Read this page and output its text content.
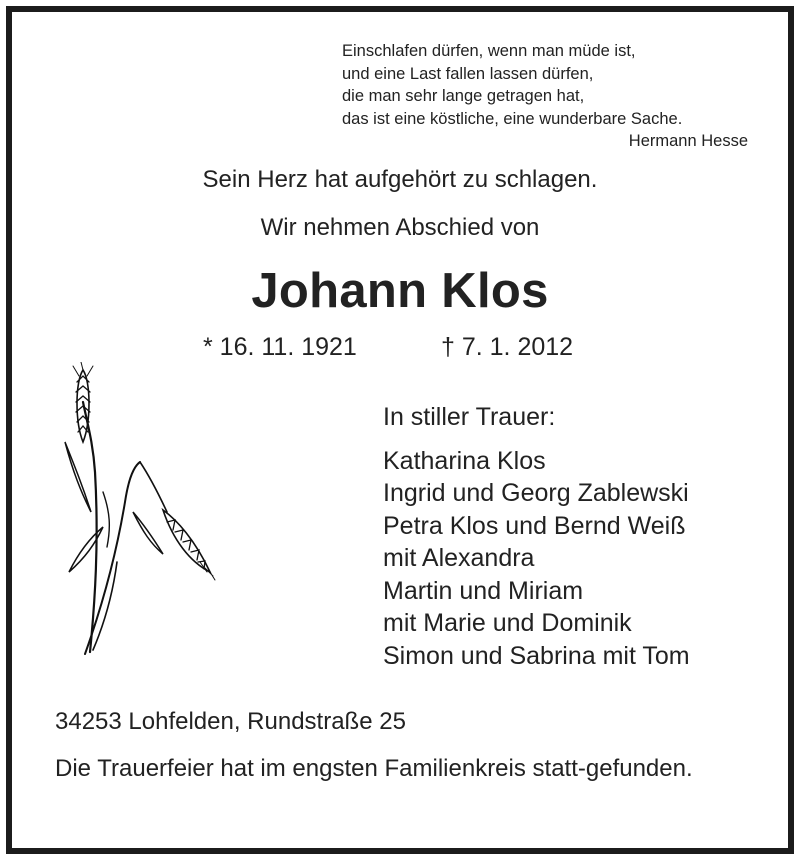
Einschlafen dürfen, wenn man müde ist,
und eine Last fallen lassen dürfen,
die man sehr lange getragen hat,
das ist eine köstliche, eine wunderbare Sache.
Hermann Hesse
Sein Herz hat aufgehört zu schlagen.
Wir nehmen Abschied von
Johann Klos
* 16. 11. 1921	† 7. 1. 2012
In stiller Trauer:
Katharina Klos
Ingrid und Georg Zablewski
Petra Klos und Bernd Weiß
mit Alexandra
Martin und Miriam
mit Marie und Dominik
Simon und Sabrina mit Tom
34253 Lohfelden, Rundstraße 25
Die Trauerfeier hat im engsten Familienkreis statt-gefunden.
